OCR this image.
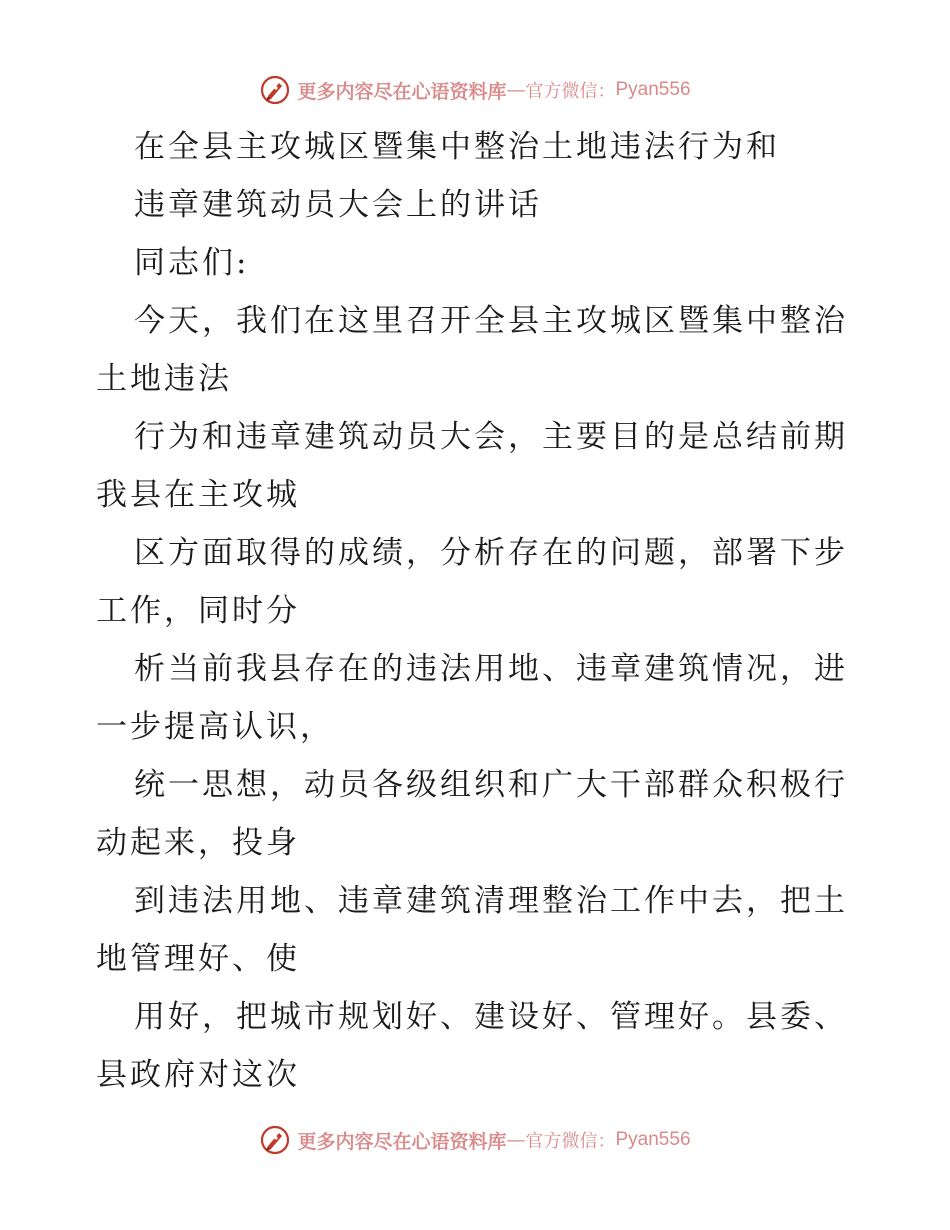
更多内容尽在心语资料库 — 官方微信： Pyan556
在全县主攻城区暨集中整治土地违法行为和
违章建筑动员大会上的讲话
同志们:
今天，我们在这里召开全县主攻城区暨集中整治
土地违法
行为和违章建筑动员大会，主要目的是总结前期
我县在主攻城
区方面取得的成绩，分析存在的问题，部署下步
工作，同时分
析当前我县存在的违法用地、违章建筑情况，进
一步提高认识，
统一思想，动员各级组织和广大干部群众积极行
动起来，投身
到违法用地、违章建筑清理整治工作中去，把土
地管理好、使
用好，把城市规划好、建设好、管理好。县委、
县政府对这次
更多内容尽在心语资料库 — 官方微信： Pyan556
